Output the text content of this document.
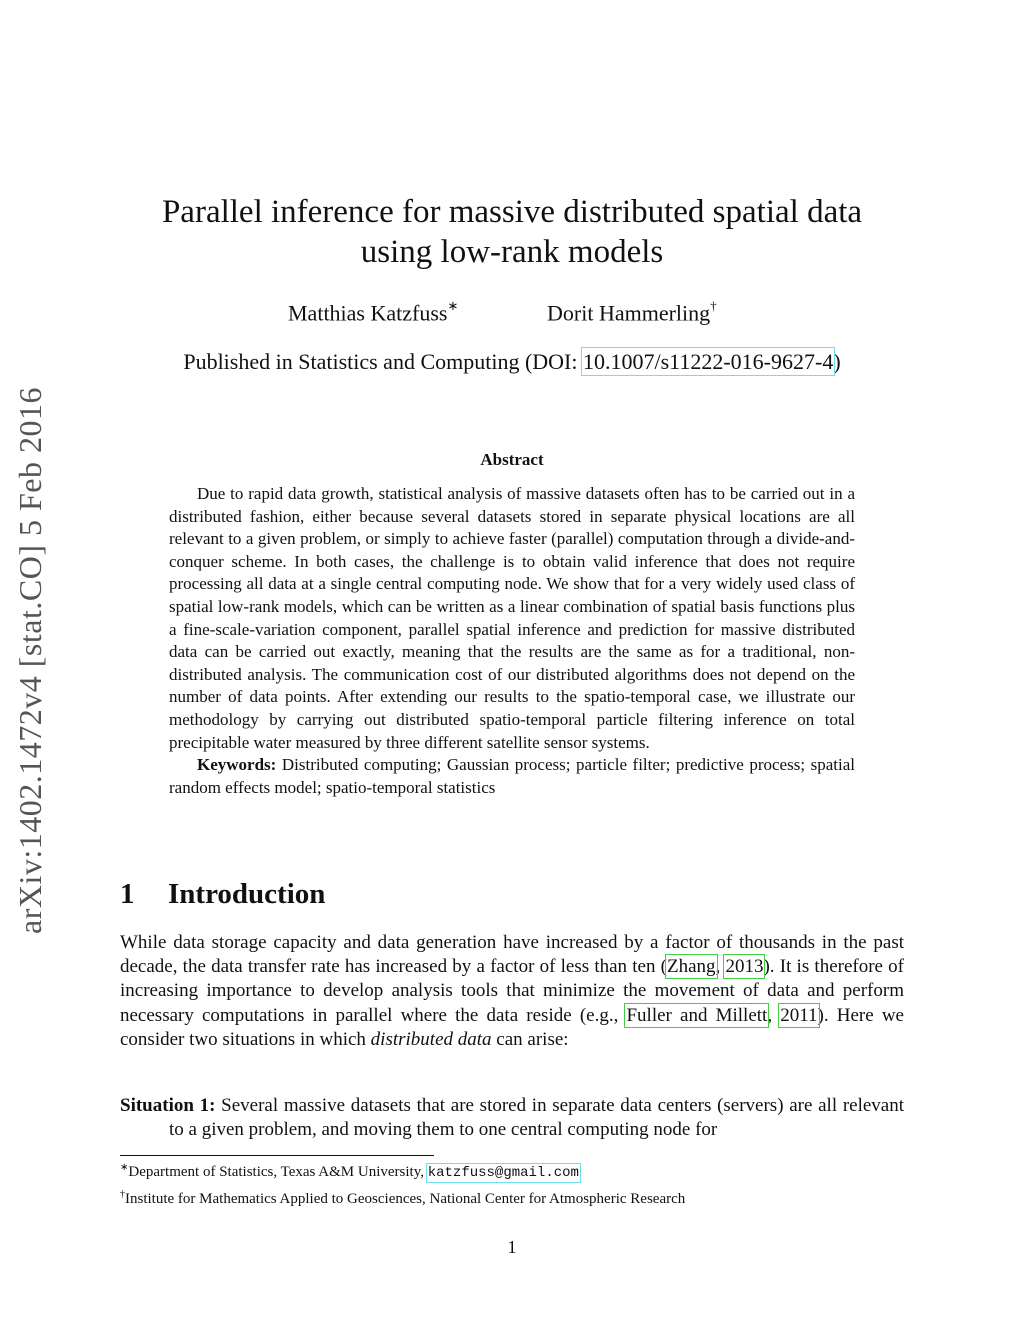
arXiv:1402.1472v4 [stat.CO] 5 Feb 2016
Parallel inference for massive distributed spatial data
using low-rank models
Matthias Katzfuss∗	Dorit Hammerling†
Published in Statistics and Computing (DOI: 10.1007/s11222-016-9627-4)
Abstract

Due to rapid data growth, statistical analysis of massive datasets often has to be carried out in a distributed fashion, either because several datasets stored in separate physical locations are all relevant to a given problem, or simply to achieve faster (parallel) computation through a divide-and-conquer scheme. In both cases, the challenge is to obtain valid inference that does not require processing all data at a single central computing node. We show that for a very widely used class of spatial low-rank models, which can be written as a linear combination of spatial basis functions plus a fine-scale-variation component, parallel spatial inference and prediction for massive distributed data can be carried out exactly, meaning that the results are the same as for a traditional, non-distributed analysis. The communication cost of our distributed algorithms does not depend on the number of data points. After extending our results to the spatio-temporal case, we illustrate our methodology by carrying out distributed spatio-temporal particle filtering inference on total precipitable water measured by three different satellite sensor systems.

Keywords: Distributed computing; Gaussian process; particle filter; predictive process; spatial random effects model; spatio-temporal statistics

1 Introduction

While data storage capacity and data generation have increased by a factor of thousands in the past decade, the data transfer rate has increased by a factor of less than ten (Zhang, 2013). It is therefore of increasing importance to develop analysis tools that minimize the movement of data and perform necessary computations in parallel where the data reside (e.g., Fuller and Millett, 2011). Here we consider two situations in which distributed data can arise:

Situation 1: Several massive datasets that are stored in separate data centers (servers) are all relevant to a given problem, and moving them to one central computing node for

∗Department of Statistics, Texas A&M University, katzfuss@gmail.com
†Institute for Mathematics Applied to Geosciences, National Center for Atmospheric Research
1
